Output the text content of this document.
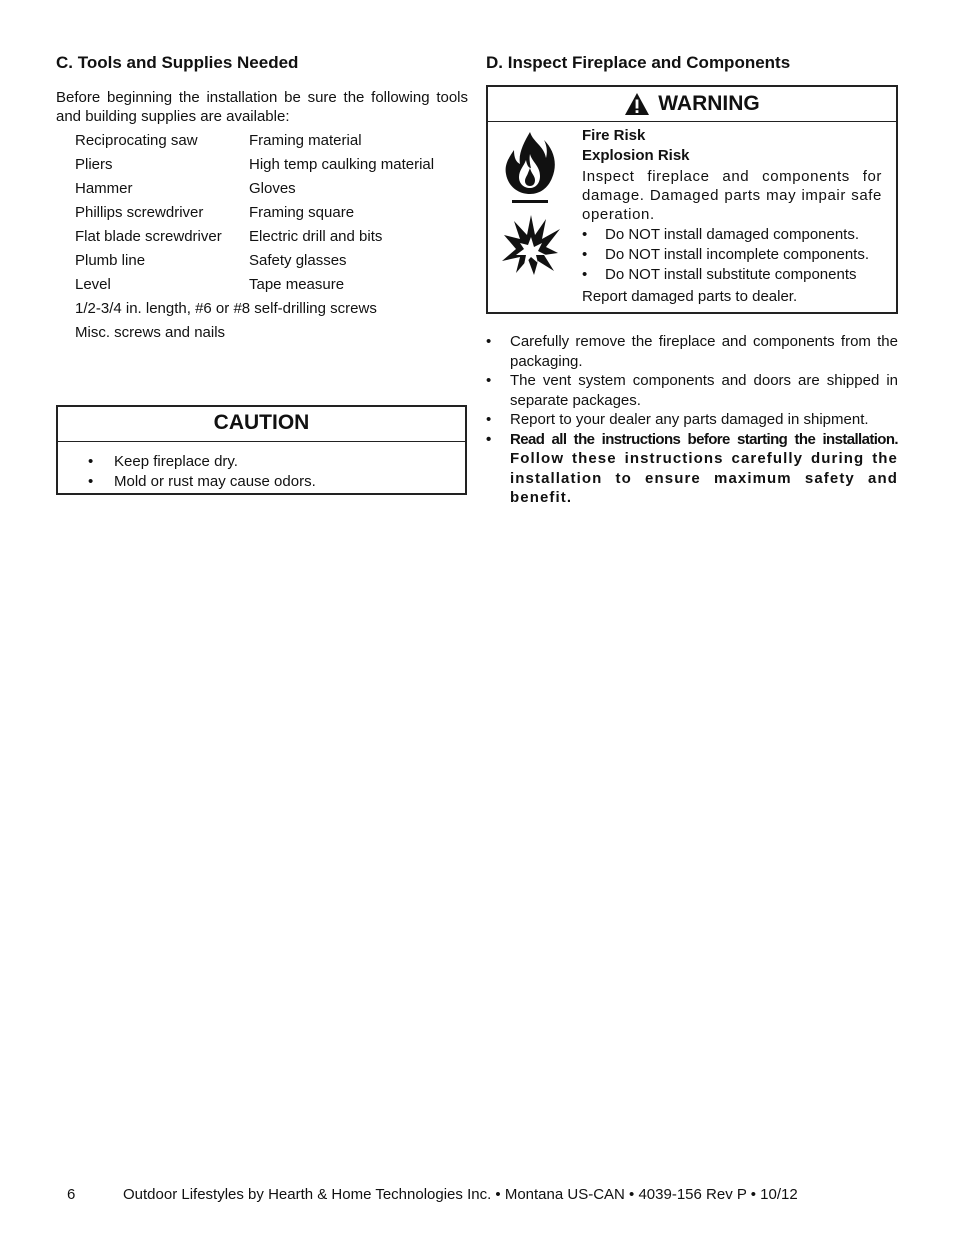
C. Tools and Supplies Needed

Before beginning the installation be sure the following tools and building supplies are available:

Reciprocating saw	Framing material
Pliers	High temp caulking material
Hammer	Gloves
Phillips screwdriver	Framing square
Flat blade screwdriver	Electric drill and bits
Plumb line	Safety glasses
Level	Tape measure
1/2-3/4 in. length, #6 or #8 self-drilling screws
Misc. screws and nails
CAUTION
• Keep fireplace dry.
• Mold or rust may cause odors.
D. Inspect Fireplace and Components
WARNING

Fire Risk
Explosion Risk

Inspect fireplace and components for damage. Damaged parts may impair safe operation.

• Do NOT install damaged components.
• Do NOT install incomplete components.
• Do NOT install substitute components

Report damaged parts to dealer.

• Carefully remove the fireplace and components from the packaging.
• The vent system components and doors are shipped in separate packages.
• Report to your dealer any parts damaged in shipment.
• Read all the instructions before starting the installation. Follow these instructions carefully during the installation to ensure maximum safety and benefit.
6	Outdoor Lifestyles by Hearth & Home Technologies Inc. • Montana US-CAN • 4039-156 Rev P • 10/12
